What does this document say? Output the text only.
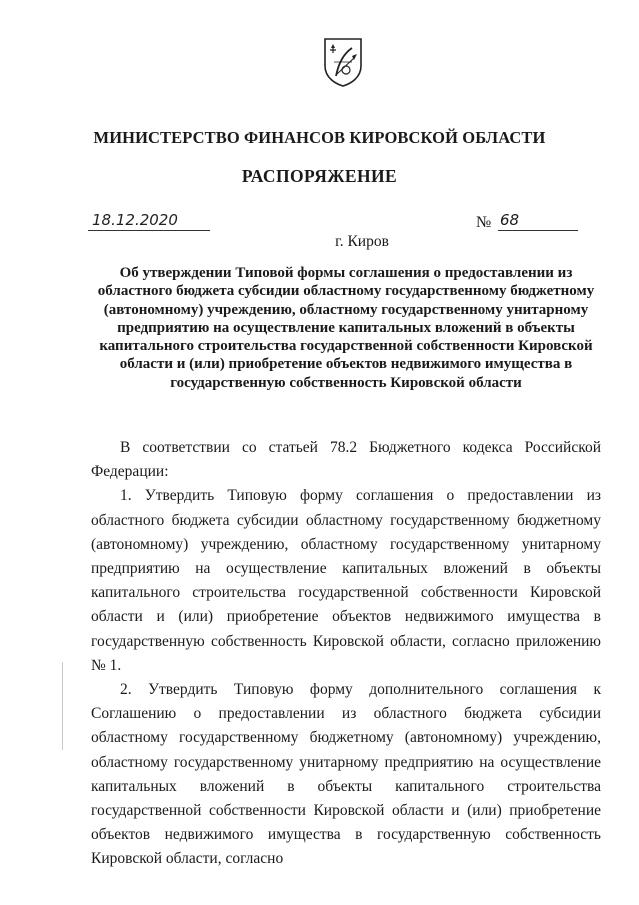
МИНИСТЕРСТВО ФИНАНСОВ КИРОВСКОЙ ОБЛАСТИ
РАСПОРЯЖЕНИЕ
18.12.2020	№ 68
г. Киров
Об утверждении Типовой формы соглашения о предоставлении из областного бюджета субсидии областному государственному бюджетному (автономному) учреждению, областному государственному унитарному предприятию на осуществление капитальных вложений в объекты капитального строительства государственной собственности Кировской области и (или) приобретение объектов недвижимого имущества в государственную собственность Кировской области

В соответствии со статьей 78.2 Бюджетного кодекса Российской Федерации:

1. Утвердить Типовую форму соглашения о предоставлении из областного бюджета субсидии областному государственному бюджетному (автономному) учреждению, областному государственному унитарному предприятию на осуществление капитальных вложений в объекты капитального строительства государственной собственности Кировской области и (или) приобретение объектов недвижимого имущества в государственную собственность Кировской области, согласно приложению № 1.

2. Утвердить Типовую форму дополнительного соглашения к Соглашению о предоставлении из областного бюджета субсидии областному государственному бюджетному (автономному) учреждению, областному государственному унитарному предприятию на осуществление капитальных вложений в объекты капитального строительства государственной собственности Кировской области и (или) приобретение объектов недвижимого имущества в государственную собственность Кировской области, согласно
